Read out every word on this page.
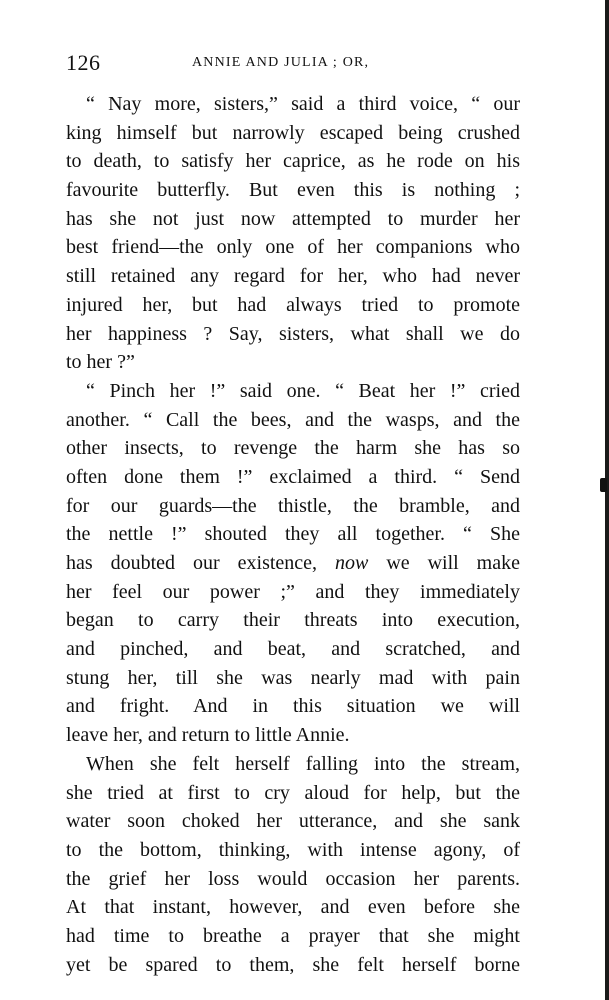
126	ANNIE AND JULIA ; OR,
“ Nay more, sisters,” said a third voice, “ our
king himself but narrowly escaped being crushed
to death, to satisfy her caprice, as he rode on his
favourite butterfly. But even this is nothing ;
has she not just now attempted to murder her
best friend—the only one of her companions who
still retained any regard for her, who had never
injured her, but had always tried to promote
her happiness ? Say, sisters, what shall we do
to her ?”
“ Pinch her !” said one. “ Beat her !” cried
another. “ Call the bees, and the wasps, and the
other insects, to revenge the harm she has so
often done them !” exclaimed a third. “ Send
for our guards—the thistle, the bramble, and
the nettle !” shouted they all together. “ She
has doubted our existence, now we will make
her feel our power ;” and they immediately
began to carry their threats into execution,
and pinched, and beat, and scratched, and
stung her, till she was nearly mad with pain
and fright. And in this situation we will
leave her, and return to little Annie.
When she felt herself falling into the stream,
she tried at first to cry aloud for help, but the
water soon choked her utterance, and she sank
to the bottom, thinking, with intense agony, of
the grief her loss would occasion her parents.
At that instant, however, and even before she
had time to breathe a prayer that she might
yet be spared to them, she felt herself borne
